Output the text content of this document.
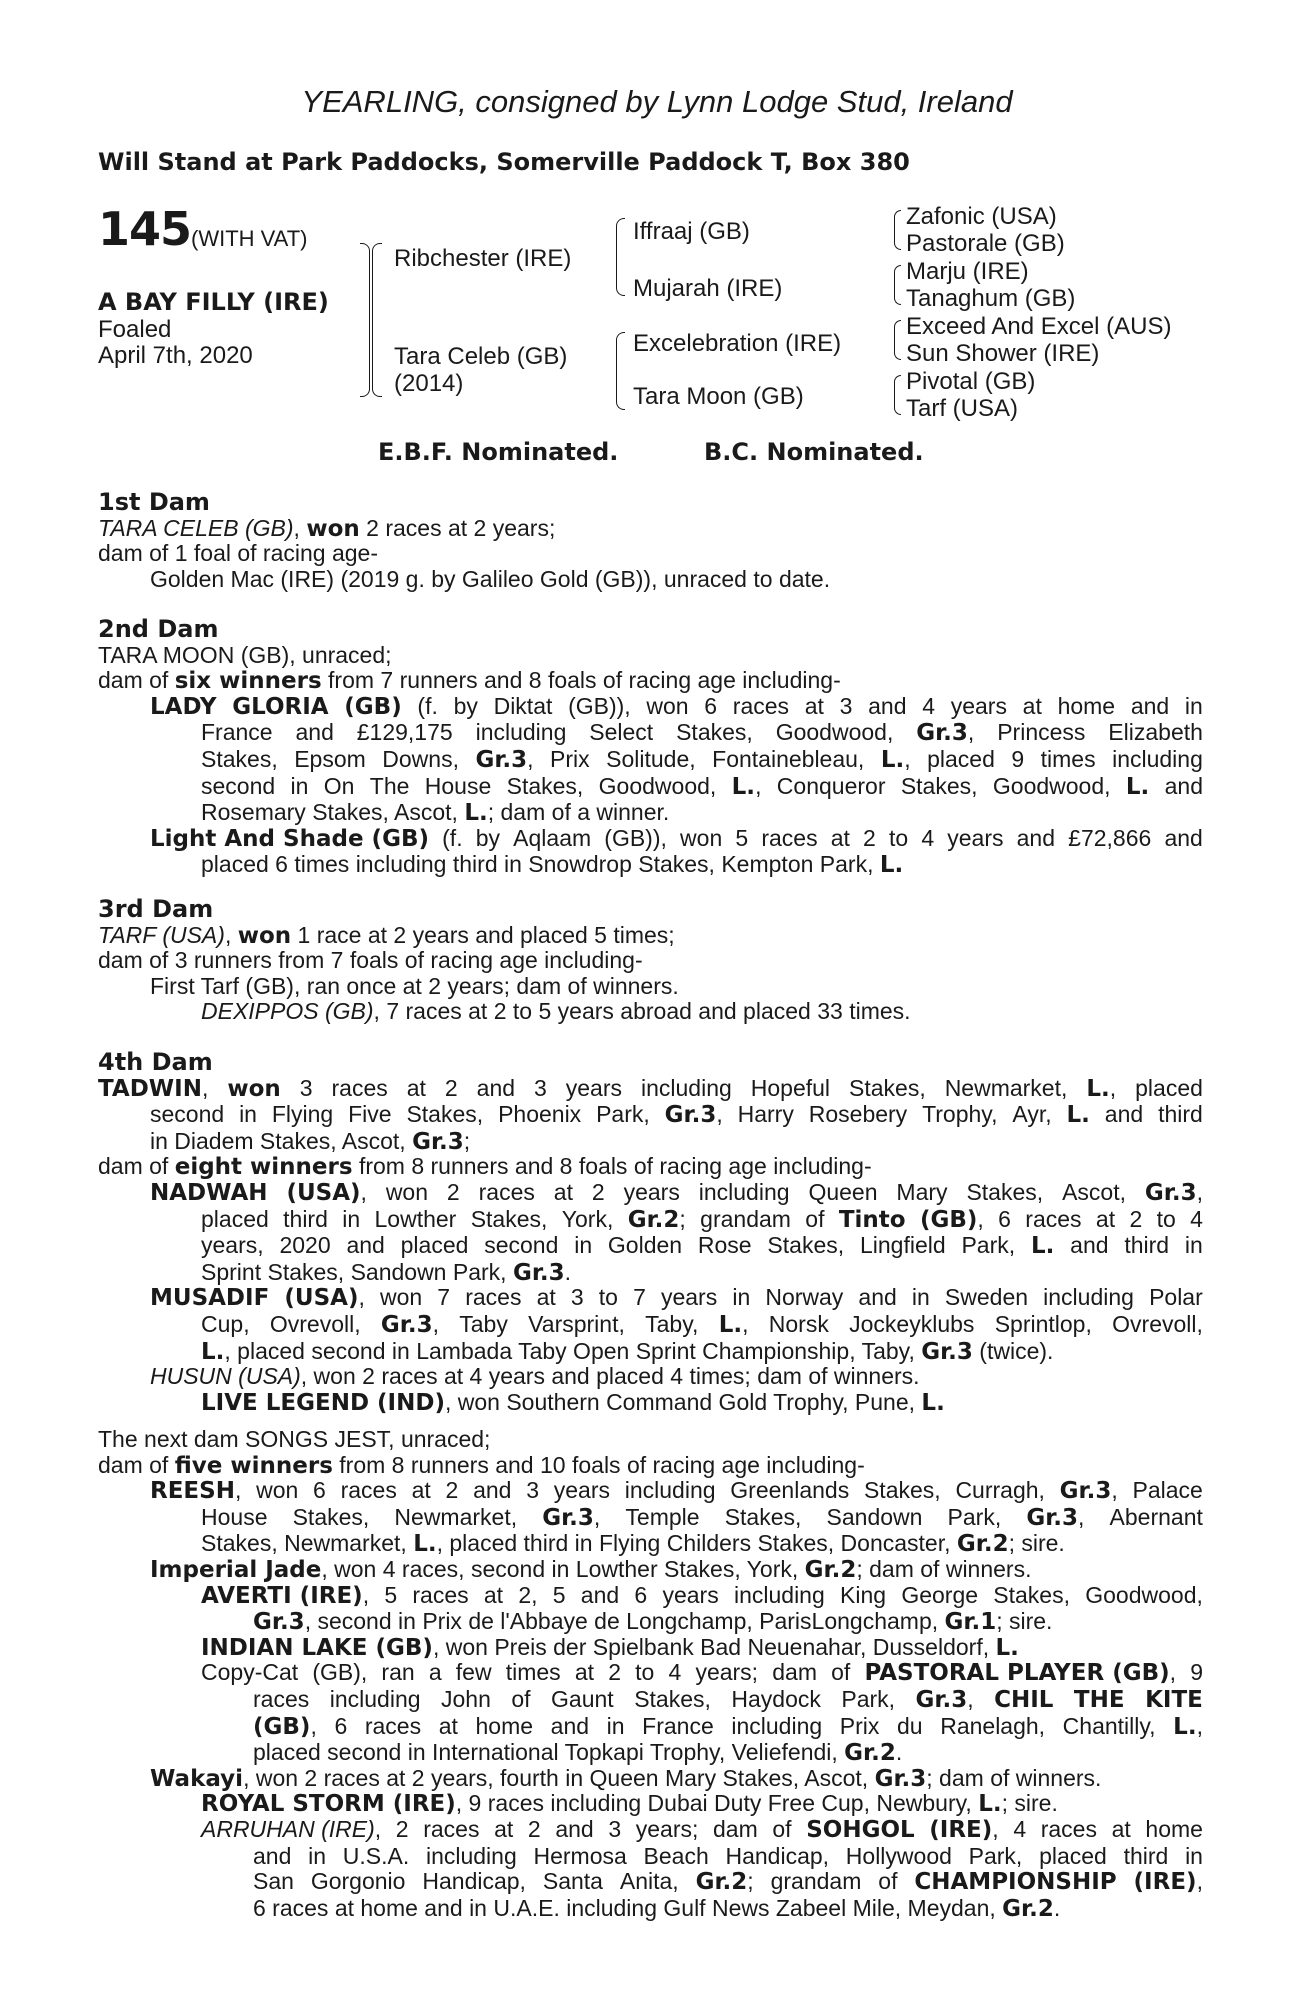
YEARLING, consigned by Lynn Lodge Stud, Ireland
Will Stand at Park Paddocks, Somerville Paddock T, Box 380
145 (WITH VAT)
A BAY FILLY (IRE)
Foaled
April 7th, 2020
Ribchester (IRE)
Tara Celeb (GB)
(2014)
Iffraaj (GB)
Mujarah (IRE)
Excelebration (IRE)
Tara Moon (GB)
Zafonic (USA)
Pastorale (GB)
Marju (IRE)
Tanaghum (GB)
Exceed And Excel (AUS)
Sun Shower (IRE)
Pivotal (GB)
Tarf (USA)
E.B.F. Nominated.	B.C. Nominated.
1st Dam
TARA CELEB (GB), won 2 races at 2 years;
dam of 1 foal of racing age-
Golden Mac (IRE) (2019 g. by Galileo Gold (GB)), unraced to date.
2nd Dam
TARA MOON (GB), unraced;
dam of six winners from 7 runners and 8 foals of racing age including-
LADY GLORIA (GB) (f. by Diktat (GB)), won 6 races at 3 and 4 years at home and in
France and £129,175 including Select Stakes, Goodwood, Gr.3, Princess Elizabeth
Stakes, Epsom Downs, Gr.3, Prix Solitude, Fontainebleau, L., placed 9 times including
second in On The House Stakes, Goodwood, L., Conqueror Stakes, Goodwood, L. and
Rosemary Stakes, Ascot, L.; dam of a winner.
Light And Shade (GB) (f. by Aqlaam (GB)), won 5 races at 2 to 4 years and £72,866 and
placed 6 times including third in Snowdrop Stakes, Kempton Park, L.
3rd Dam
TARF (USA), won 1 race at 2 years and placed 5 times;
dam of 3 runners from 7 foals of racing age including-
First Tarf (GB), ran once at 2 years; dam of winners.
DEXIPPOS (GB), 7 races at 2 to 5 years abroad and placed 33 times.
4th Dam
TADWIN, won 3 races at 2 and 3 years including Hopeful Stakes, Newmarket, L., placed
second in Flying Five Stakes, Phoenix Park, Gr.3, Harry Rosebery Trophy, Ayr, L. and third
in Diadem Stakes, Ascot, Gr.3;
dam of eight winners from 8 runners and 8 foals of racing age including-
NADWAH (USA), won 2 races at 2 years including Queen Mary Stakes, Ascot, Gr.3,
placed third in Lowther Stakes, York, Gr.2; grandam of Tinto (GB), 6 races at 2 to 4
years, 2020 and placed second in Golden Rose Stakes, Lingfield Park, L. and third in
Sprint Stakes, Sandown Park, Gr.3.
MUSADIF (USA), won 7 races at 3 to 7 years in Norway and in Sweden including Polar
Cup, Ovrevoll, Gr.3, Taby Varsprint, Taby, L., Norsk Jockeyklubs Sprintlop, Ovrevoll,
L., placed second in Lambada Taby Open Sprint Championship, Taby, Gr.3 (twice).
HUSUN (USA), won 2 races at 4 years and placed 4 times; dam of winners.
LIVE LEGEND (IND), won Southern Command Gold Trophy, Pune, L.
The next dam SONGS JEST, unraced;
dam of five winners from 8 runners and 10 foals of racing age including-
REESH, won 6 races at 2 and 3 years including Greenlands Stakes, Curragh, Gr.3, Palace
House Stakes, Newmarket, Gr.3, Temple Stakes, Sandown Park, Gr.3, Abernant
Stakes, Newmarket, L., placed third in Flying Childers Stakes, Doncaster, Gr.2; sire.
Imperial Jade, won 4 races, second in Lowther Stakes, York, Gr.2; dam of winners.
AVERTI (IRE), 5 races at 2, 5 and 6 years including King George Stakes, Goodwood,
Gr.3, second in Prix de l'Abbaye de Longchamp, ParisLongchamp, Gr.1; sire.
INDIAN LAKE (GB), won Preis der Spielbank Bad Neuenahar, Dusseldorf, L.
Copy-Cat (GB), ran a few times at 2 to 4 years; dam of PASTORAL PLAYER (GB), 9
races including John of Gaunt Stakes, Haydock Park, Gr.3, CHIL THE KITE
(GB), 6 races at home and in France including Prix du Ranelagh, Chantilly, L.,
placed second in International Topkapi Trophy, Veliefendi, Gr.2.
Wakayi, won 2 races at 2 years, fourth in Queen Mary Stakes, Ascot, Gr.3; dam of winners.
ROYAL STORM (IRE), 9 races including Dubai Duty Free Cup, Newbury, L.; sire.
ARRUHAN (IRE), 2 races at 2 and 3 years; dam of SOHGOL (IRE), 4 races at home
and in U.S.A. including Hermosa Beach Handicap, Hollywood Park, placed third in
San Gorgonio Handicap, Santa Anita, Gr.2; grandam of CHAMPIONSHIP (IRE),
6 races at home and in U.A.E. including Gulf News Zabeel Mile, Meydan, Gr.2.
